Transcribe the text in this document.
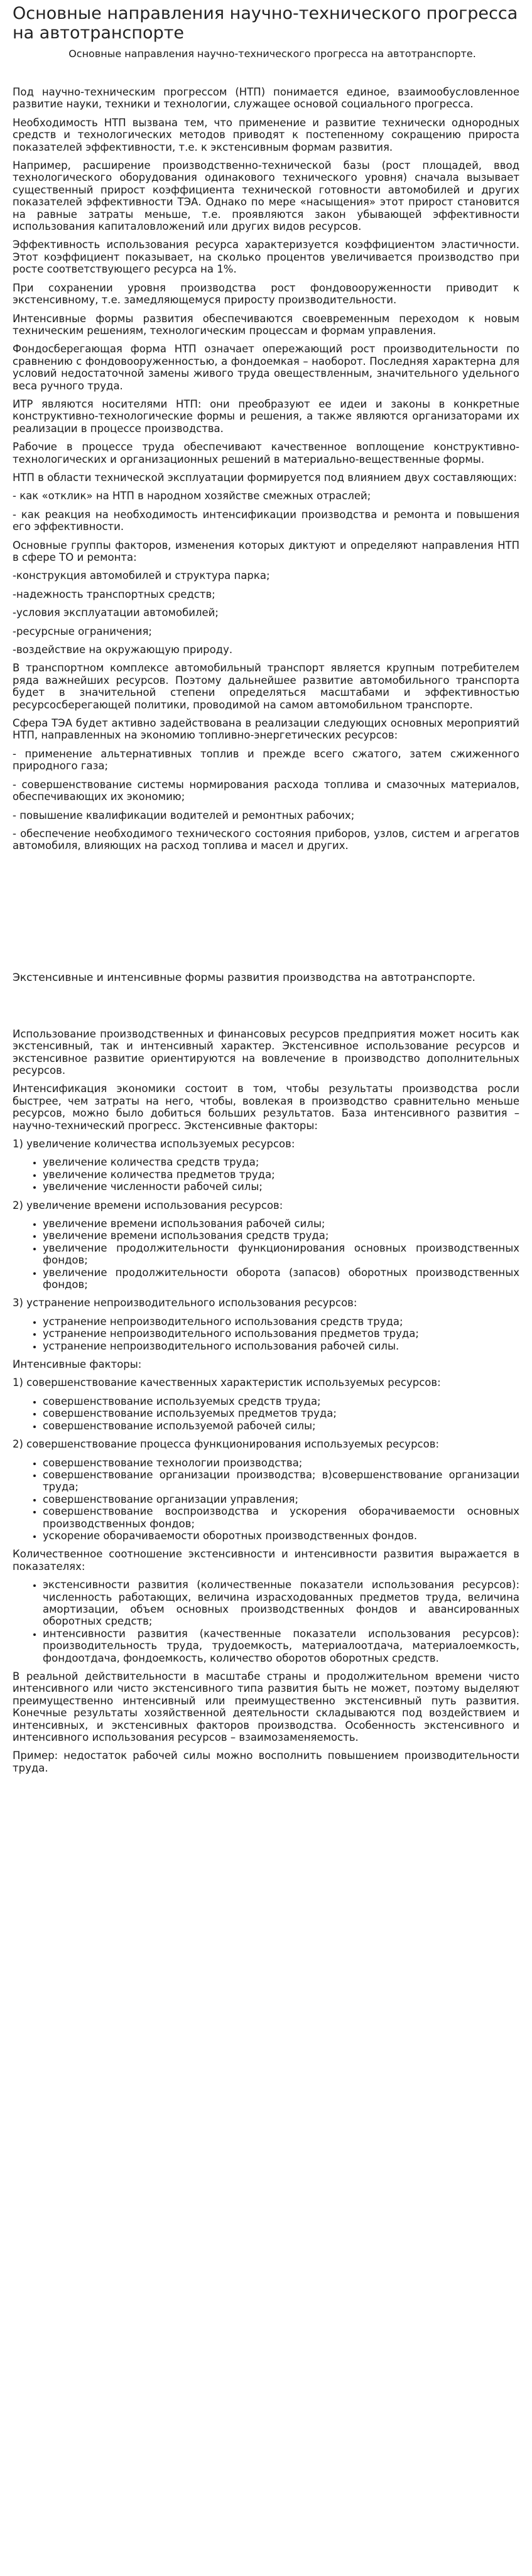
Основные направления научно-технического прогресса на автотранспорте
Основные направления научно-технического прогресса на автотранспорте.

Под научно-техническим прогрессом (НТП) понимается единое, взаимообусловленное развитие науки, техники и технологии, служащее основой социального прогресса.

Необходимость НТП вызвана тем, что применение и развитие технически однородных средств и технологических методов приводят к постепенному сокращению прироста показателей эффективности, т.е. к экстенсивным формам развития.

Например, расширение производственно-технической базы (рост площадей, ввод технологического оборудования одинакового технического уровня) сначала вызывает существенный прирост коэффициента технической готовности автомобилей и других показателей эффективности ТЭА. Однако по мере «насыщения» этот прирост становится на равные затраты меньше, т.е. проявляются закон убывающей эффективности использования капиталовложений или других видов ресурсов.

Эффективность использования ресурса характеризуется коэффициентом эластичности. Этот коэффициент показывает, на сколько процентов увеличивается производство при росте соответствующего ресурса на 1%.

При сохранении уровня производства рост фондовооруженности приводит к экстенсивному, т.е. замедляющемуся приросту производительности.

Интенсивные формы развития обеспечиваются своевременным переходом к новым техническим решениям, технологическим процессам и формам управления.

Фондосберегающая форма НТП означает опережающий рост производительности по сравнению с фондовооруженностью, а фондоемкая – наоборот. Последняя характерна для условий недостаточной замены живого труда овеществленным, значительного удельного веса ручного труда.

ИТР являются носителями НТП: они преобразуют ее идеи и законы в конкретные конструктивно-технологические формы и решения, а также являются организаторами их реализации в процессе производства.

Рабочие в процессе труда обеспечивают качественное воплощение конструктивно-технологических и организационных решений в материально-вещественные формы.

НТП в области технической эксплуатации формируется под влиянием двух составляющих:

- как «отклик» на НТП в народном хозяйстве смежных отраслей;

- как реакция на необходимость интенсификации производства и ремонта и повышения его эффективности.

Основные группы факторов, изменения которых диктуют и определяют направления НТП в сфере ТО и ремонта:

-конструкция автомобилей и структура парка;

-надежность транспортных средств;

-условия эксплуатации автомобилей;

-ресурсные ограничения;

-воздействие на окружающую природу.

В транспортном комплексе автомобильный транспорт является крупным потребителем ряда важнейших ресурсов. Поэтому дальнейшее развитие автомобильного транспорта будет в значительной степени определяться масштабами и эффективностью ресурсосберегающей политики, проводимой на самом автомобильном транспорте.

Сфера ТЭА будет активно задействована в реализации следующих основных мероприятий НТП, направленных на экономию топливно-энергетических ресурсов:

- применение альтернативных топлив и прежде всего сжатого, затем сжиженного природного газа;

- совершенствование системы нормирования расхода топлива и смазочных материалов, обеспечивающих их экономию;

- повышение квалификации водителей и ремонтных рабочих;

- обеспечение необходимого технического состояния приборов, узлов, систем и агрегатов автомобиля, влияющих на расход топлива и масел и других.

Экстенсивные и интенсивные формы развития производства на автотранспорте.

Использование производственных и финансовых ресурсов предприятия может носить как экстенсивный, так и интенсивный характер. Экстенсивное использование ресурсов и экстенсивное развитие ориентируются на вовлечение в производство дополнительных ресурсов.

Интенсификация экономики состоит в том, чтобы результаты производства росли быстрее, чем затраты на него, чтобы, вовлекая в производство сравнительно меньше ресурсов, можно было добиться больших результатов. База интенсивного развития – научно-технический прогресс. Экстенсивные факторы:

1) увеличение количества используемых ресурсов:

• увеличение количества средств труда;
• увеличение количества предметов труда;
• увеличение численности рабочей силы;

2) увеличение времени использования ресурсов:

• увеличение времени использования рабочей силы;
• увеличение времени использования средств труда;
• увеличение продолжительности функционирования основных производственных фондов;
• увеличение продолжительности оборота (запасов) оборотных производственных фондов;

3) устранение непроизводительного использования ресурсов:

• устранение непроизводительного использования средств труда;
• устранение непроизводительного использования предметов труда;
• устранение непроизводительного использования рабочей силы.

Интенсивные факторы:

1) совершенствование качественных характеристик используемых ресурсов:

• совершенствование используемых средств труда;
• совершенствование используемых предметов труда;
• совершенствование используемой рабочей силы;

2) совершенствование процесса функционирования используемых ресурсов:

• совершенствование технологии производства;
• совершенствование организации производства; в)совершенствование организации труда;
• совершенствование организации управления;
• совершенствование воспроизводства и ускорения оборачиваемости основных производственных фондов;
• ускорение оборачиваемости оборотных производственных фондов.

Количественное соотношение экстенсивности и интенсивности развития выражается в показателях:

• экстенсивности развития (количественные показатели использования ресурсов): численность работающих, величина израсходованных предметов труда, величина амортизации, объем основных производственных фондов и авансированных оборотных средств;
• интенсивности развития (качественные показатели использования ресурсов): производительность труда, трудоемкость, материалоотдача, материалоемкость, фондоотдача, фондоемкость, количество оборотов оборотных средств.

В реальной действительности в масштабе страны и продолжительном времени чисто интенсивного или чисто экстенсивного типа развития быть не может, поэтому выделяют преимущественно интенсивный или преимущественно экстенсивный путь развития. Конечные результаты хозяйственной деятельности складываются под воздействием и интенсивных, и экстенсивных факторов производства. Особенность экстенсивного и интенсивного использования ресурсов – взаимозаменяемость.

Пример: недостаток рабочей силы можно восполнить повышением производительности труда.
